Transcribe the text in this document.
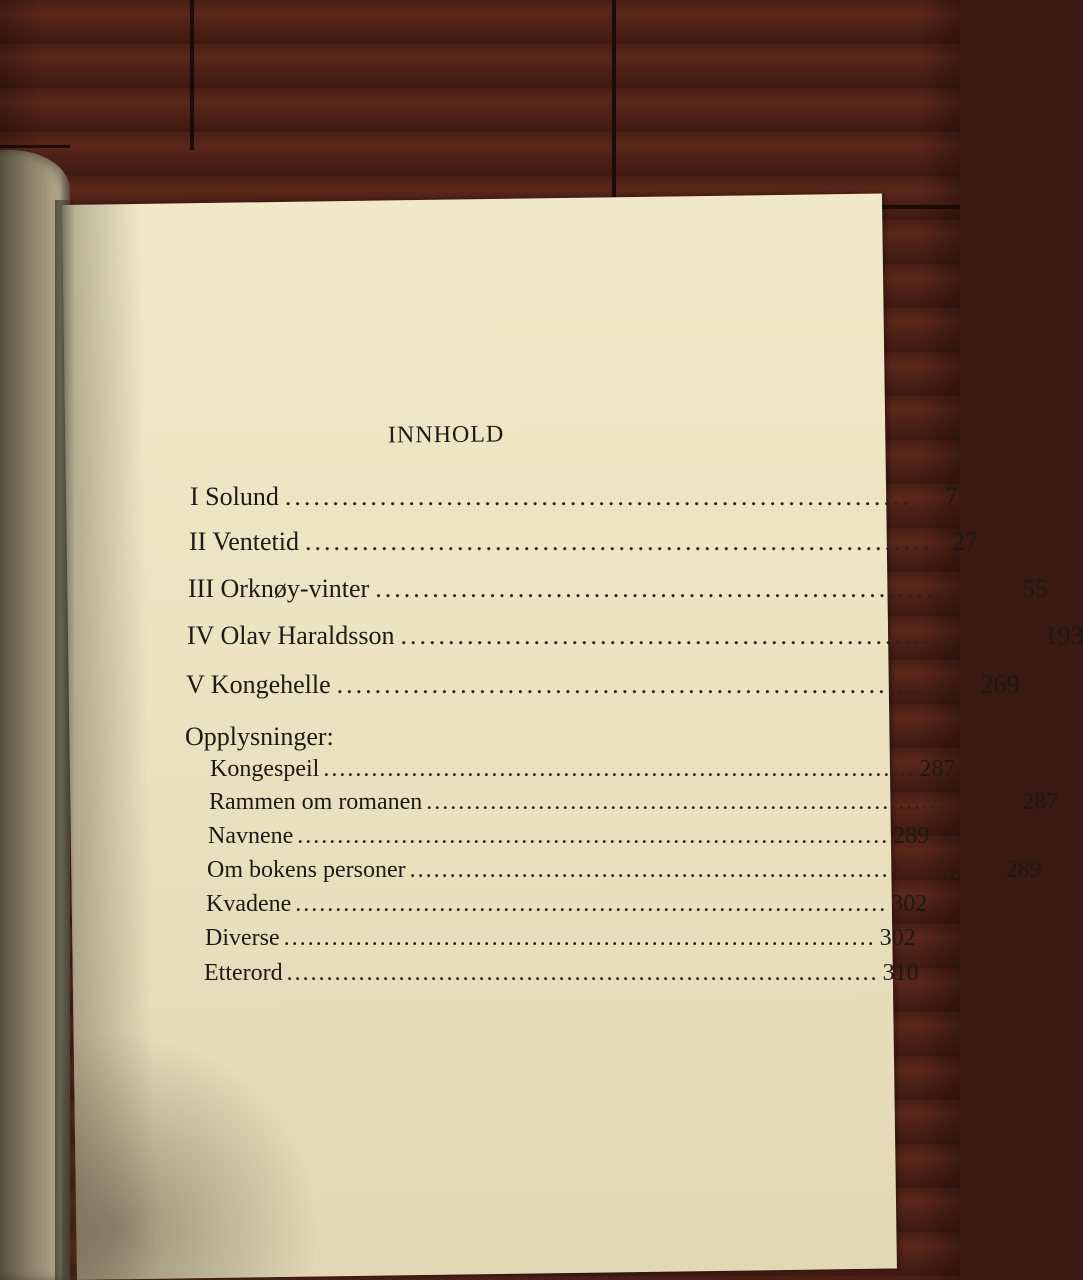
INNHOLD
I Solund ..................................................................	7
II Ventetid .................................................................. 27
III Orknøy-vinter .................................................................. 55
IV Olav Haraldsson .................................................................. 193
V Kongehelle .................................................................. 269
Opplysninger:
Kongespeil .......................................................................... 287
Rammen om romanen .......................................................................... 287
Navnene .......................................................................... 289
Om bokens personer .......................................................................... 289
Kvadene .......................................................................... 302
Diverse .......................................................................... 302
Etterord .......................................................................... 310
